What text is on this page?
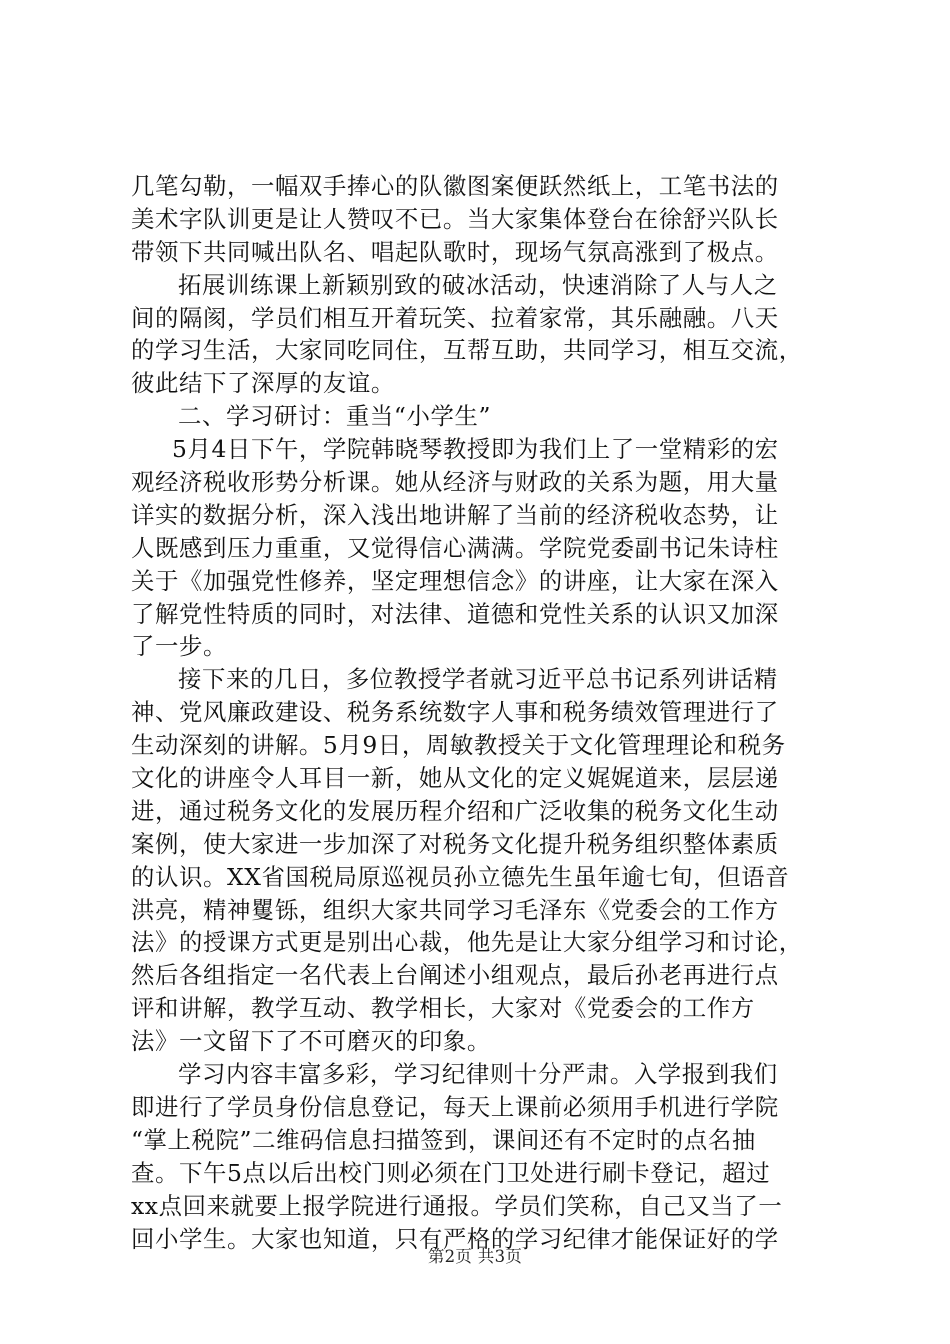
几笔勾勒，一幅双手捧心的队徽图案便跃然纸上，工笔书法的
美术字队训更是让人赞叹不已。当大家集体登台在徐舒兴队长
带领下共同喊出队名、唱起队歌时，现场气氛高涨到了极点。
拓展训练课上新颖别致的破冰活动，快速消除了人与人之
间的隔阂，学员们相互开着玩笑、拉着家常，其乐融融。八天
的学习生活，大家同吃同住，互帮互助，共同学习，相互交流，
彼此结下了深厚的友谊。
二、学习研讨：重当“小学生”
5月4日下午，学院韩晓琴教授即为我们上了一堂精彩的宏
观经济税收形势分析课。她从经济与财政的关系为题，用大量
详实的数据分析，深入浅出地讲解了当前的经济税收态势，让
人既感到压力重重，又觉得信心满满。学院党委副书记朱诗柱
关于《加强党性修养，坚定理想信念》的讲座，让大家在深入
了解党性特质的同时，对法律、道德和党性关系的认识又加深
了一步。
接下来的几日，多位教授学者就习近平总书记系列讲话精
神、党风廉政建设、税务系统数字人事和税务绩效管理进行了
生动深刻的讲解。5月9日，周敏教授关于文化管理理论和税务
文化的讲座令人耳目一新，她从文化的定义娓娓道来，层层递
进，通过税务文化的发展历程介绍和广泛收集的税务文化生动
案例，使大家进一步加深了对税务文化提升税务组织整体素质
的认识。XX省国税局原巡视员孙立德先生虽年逾七旬，但语音
洪亮，精神矍铄，组织大家共同学习毛泽东《党委会的工作方
法》的授课方式更是别出心裁，他先是让大家分组学习和讨论，
然后各组指定一名代表上台阐述小组观点，最后孙老再进行点
评和讲解，教学互动、教学相长，大家对《党委会的工作方
法》一文留下了不可磨灭的印象。
学习内容丰富多彩，学习纪律则十分严肃。入学报到我们
即进行了学员身份信息登记，每天上课前必须用手机进行学院
“掌上税院”二维码信息扫描签到，课间还有不定时的点名抽
查。下午5点以后出校门则必须在门卫处进行刷卡登记，超过
xx点回来就要上报学院进行通报。学员们笑称，自己又当了一
回小学生。大家也知道，只有严格的学习纪律才能保证好的学
第2页 共3页
